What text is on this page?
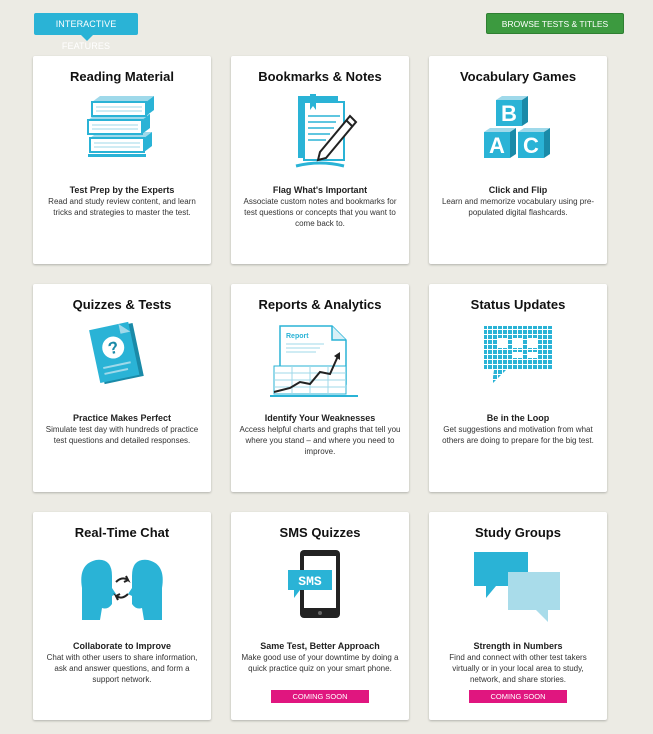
INTERACTIVE FEATURES
BROWSE TESTS & TITLES
Reading Material
Test Prep by the Experts
Read and study review content, and learn tricks and strategies to master the test.
Bookmarks & Notes
Flag What's Important
Associate custom notes and bookmarks for test questions or concepts that you want to come back to.
Vocabulary Games
B
A C
Click and Flip
Learn and memorize vocabulary using pre-populated digital flashcards.
Quizzes & Tests
?
Practice Makes Perfect
Simulate test day with hundreds of practice test questions and detailed responses.
Reports & Analytics
Report
Identify Your Weaknesses
Access helpful charts and graphs that tell you where you stand – and where you need to improve.
Status Updates
Be in the Loop
Get suggestions and motivation from what others are doing to prepare for the big test.
Real-Time Chat
Collaborate to Improve
Chat with other users to share information, ask and answer questions, and form a support network.
SMS Quizzes
SMS
Same Test, Better Approach
Make good use of your downtime by doing a quick practice quiz on your smart phone.
COMING SOON
Study Groups
Strength in Numbers
Find and connect with other test takers virtually or in your local area to study, network, and share stories.
COMING SOON
